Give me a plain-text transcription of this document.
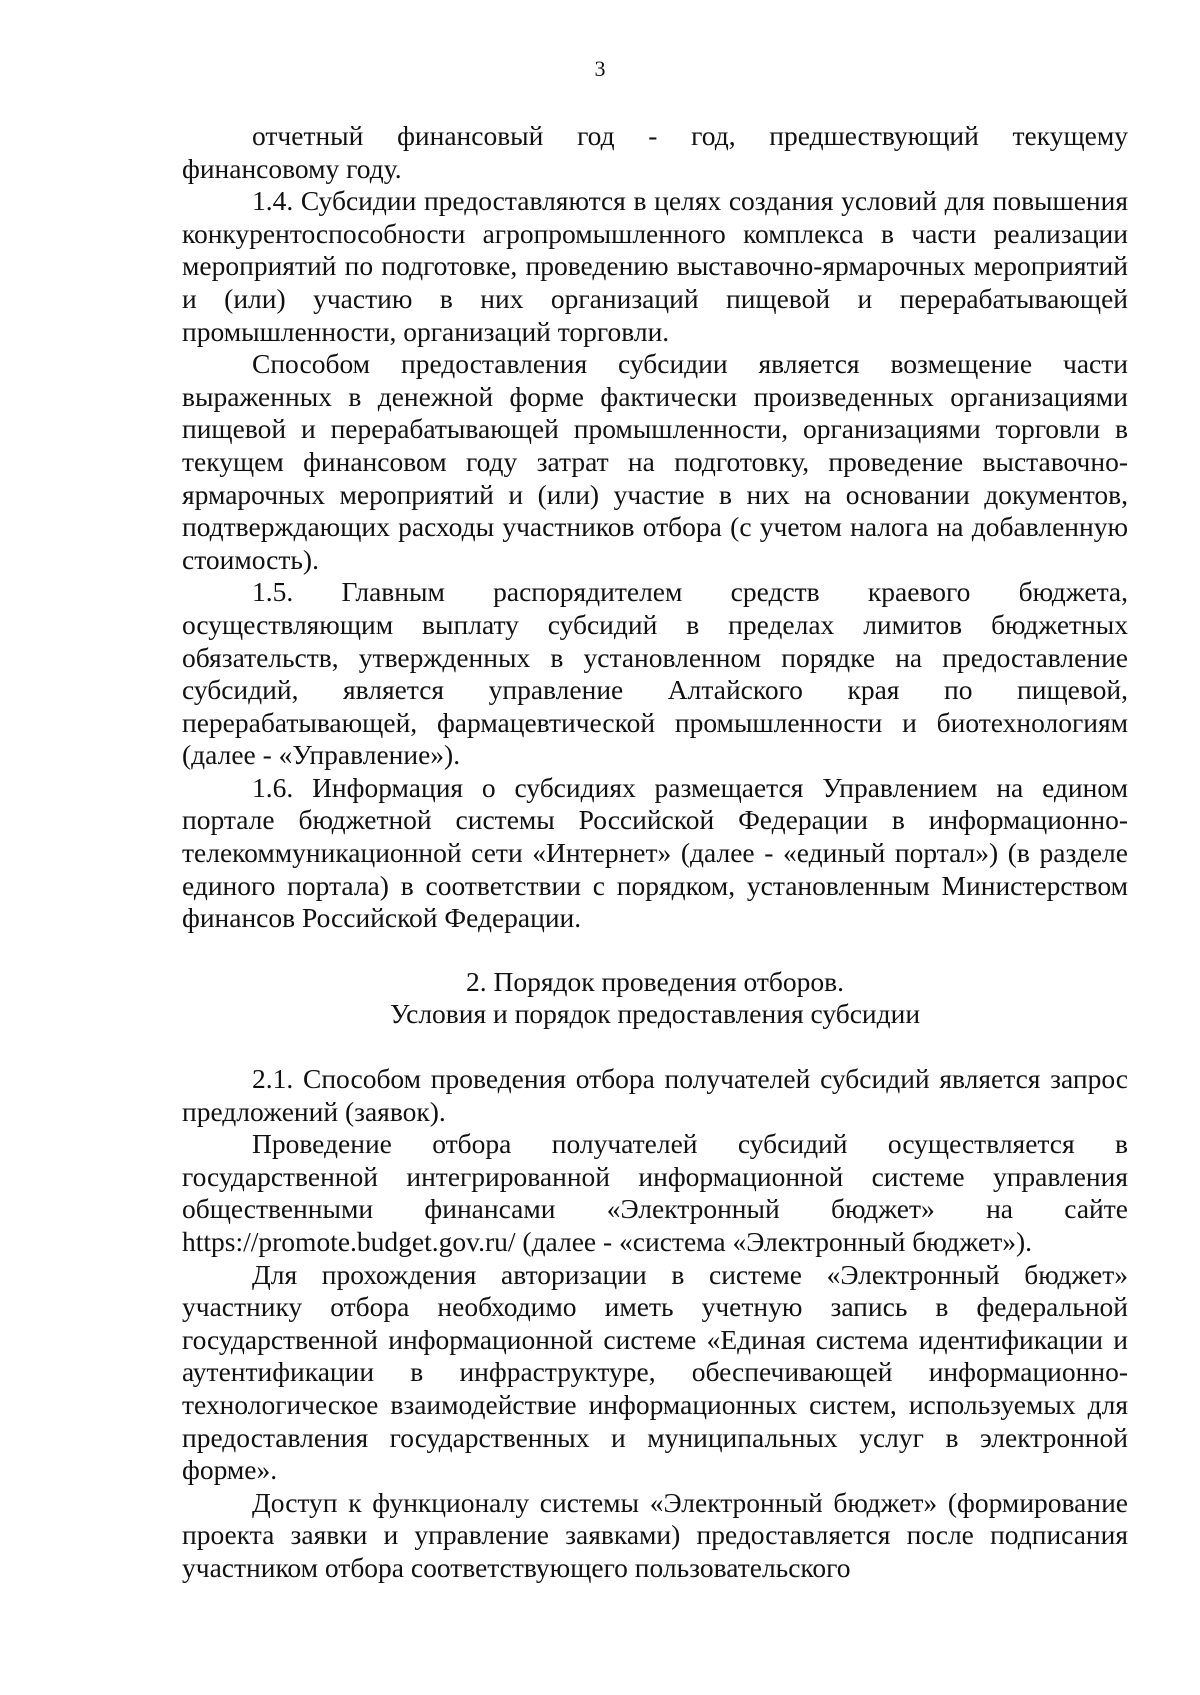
3

отчетный финансовый год - год, предшествующий текущему финансовому году.

1.4. Субсидии предоставляются в целях создания условий для повышения конкурентоспособности агропромышленного комплекса в части реализации мероприятий по подготовке, проведению выставочно-ярмарочных мероприятий и (или) участию в них организаций пищевой и перерабатывающей промышленности, организаций торговли.

Способом предоставления субсидии является возмещение части выраженных в денежной форме фактически произведенных организациями пищевой и перерабатывающей промышленности, организациями торговли в текущем финансовом году затрат на подготовку, проведение выставочно-ярмарочных мероприятий и (или) участие в них на основании документов, подтверждающих расходы участников отбора (с учетом налога на добавленную стоимость).

1.5. Главным распорядителем средств краевого бюджета, осуществляющим выплату субсидий в пределах лимитов бюджетных обязательств, утвержденных в установленном порядке на предоставление субсидий, является управление Алтайского края по пищевой, перерабатывающей, фармацевтической промышленности и биотехнологиям (далее - «Управление»).

1.6. Информация о субсидиях размещается Управлением на едином портале бюджетной системы Российской Федерации в информационно-телекоммуникационной сети «Интернет» (далее - «единый портал») (в разделе единого портала) в соответствии с порядком, установленным Министерством финансов Российской Федерации.

2. Порядок проведения отборов.
Условия и порядок предоставления субсидии

2.1. Способом проведения отбора получателей субсидий является запрос предложений (заявок).

Проведение отбора получателей субсидий осуществляется в государственной интегрированной информационной системе управления общественными финансами «Электронный бюджет» на сайте https://promote.budget.gov.ru/ (далее - «система «Электронный бюджет»).

Для прохождения авторизации в системе «Электронный бюджет» участнику отбора необходимо иметь учетную запись в федеральной государственной информационной системе «Единая система идентификации и аутентификации в инфраструктуре, обеспечивающей информационно-технологическое взаимодействие информационных систем, используемых для предоставления государственных и муниципальных услуг в электронной форме».

Доступ к функционалу системы «Электронный бюджет» (формирование проекта заявки и управление заявками) предоставляется после подписания участником отбора соответствующего пользовательского
